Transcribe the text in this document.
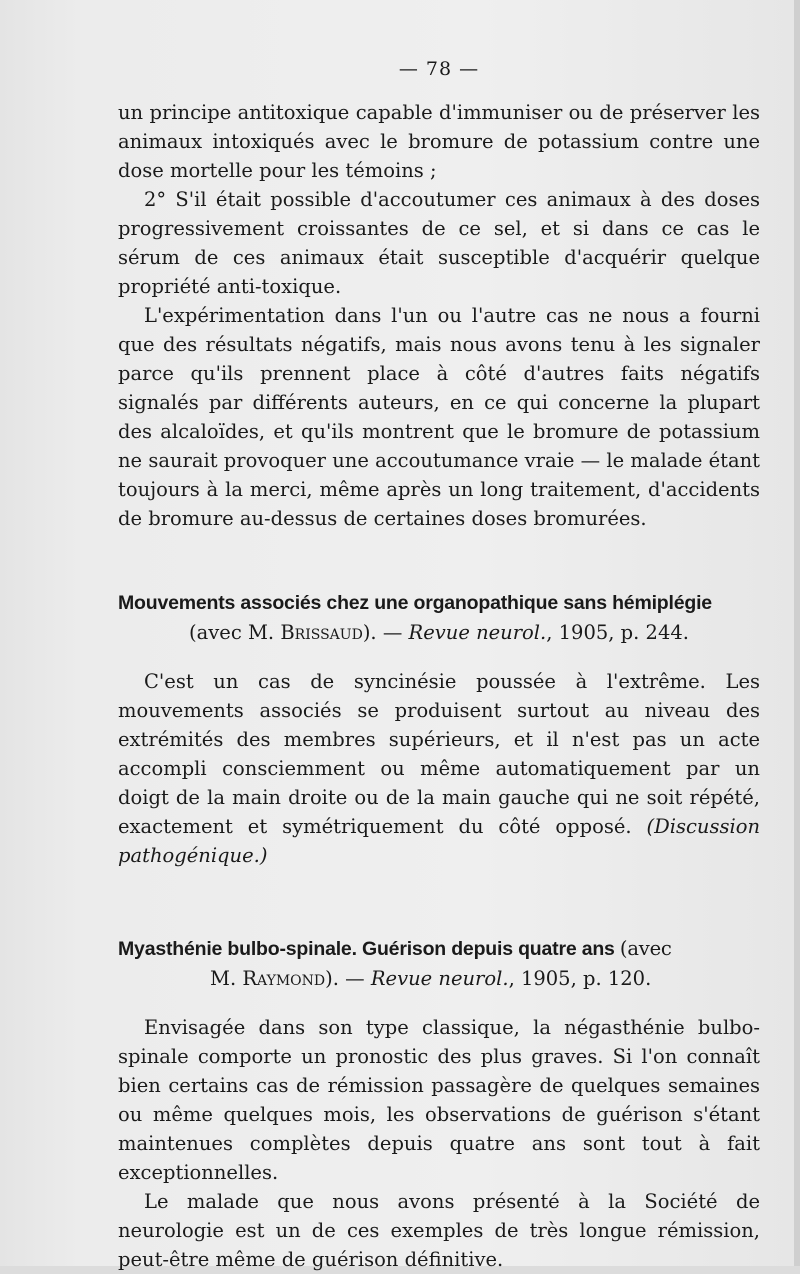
— 78 —

un principe antitoxique capable d'immuniser ou de préserver les animaux intoxiqués avec le bromure de potassium contre une dose mortelle pour les témoins ;

2° S'il était possible d'accoutumer ces animaux à des doses progressivement croissantes de ce sel, et si dans ce cas le sérum de ces animaux était susceptible d'acquérir quelque propriété anti-toxique.

L'expérimentation dans l'un ou l'autre cas ne nous a fourni que des résultats négatifs, mais nous avons tenu à les signaler parce qu'ils prennent place à côté d'autres faits négatifs signalés par différents auteurs, en ce qui concerne la plupart des alcaloïdes, et qu'ils montrent que le bromure de potassium ne saurait provoquer une accoutumance vraie — le malade étant toujours à la merci, même après un long traitement, d'accidents de bromure au-dessus de certaines doses bromurées.

Mouvements associés chez une organopathique sans hémiplégie
(avec M. Brissaud). — Revue neurol., 1905, p. 244.

C'est un cas de syncinésie poussée à l'extrême. Les mouvements associés se produisent surtout au niveau des extrémités des membres supérieurs, et il n'est pas un acte accompli consciemment ou même automatiquement par un doigt de la main droite ou de la main gauche qui ne soit répété, exactement et symétriquement du côté opposé. (Discussion pathogénique.)

Myasthénie bulbo-spinale. Guérison depuis quatre ans (avec
M. Raymond). — Revue neurol., 1905, p. 120.

Envisagée dans son type classique, la négasthénie bulbo-spinale comporte un pronostic des plus graves. Si l'on connaît bien certains cas de rémission passagère de quelques semaines ou même quelques mois, les observations de guérison s'étant maintenues complètes depuis quatre ans sont tout à fait exceptionnelles.

Le malade que nous avons présenté à la Société de neurologie est un de ces exemples de très longue rémission, peut-être même de guérison définitive.
